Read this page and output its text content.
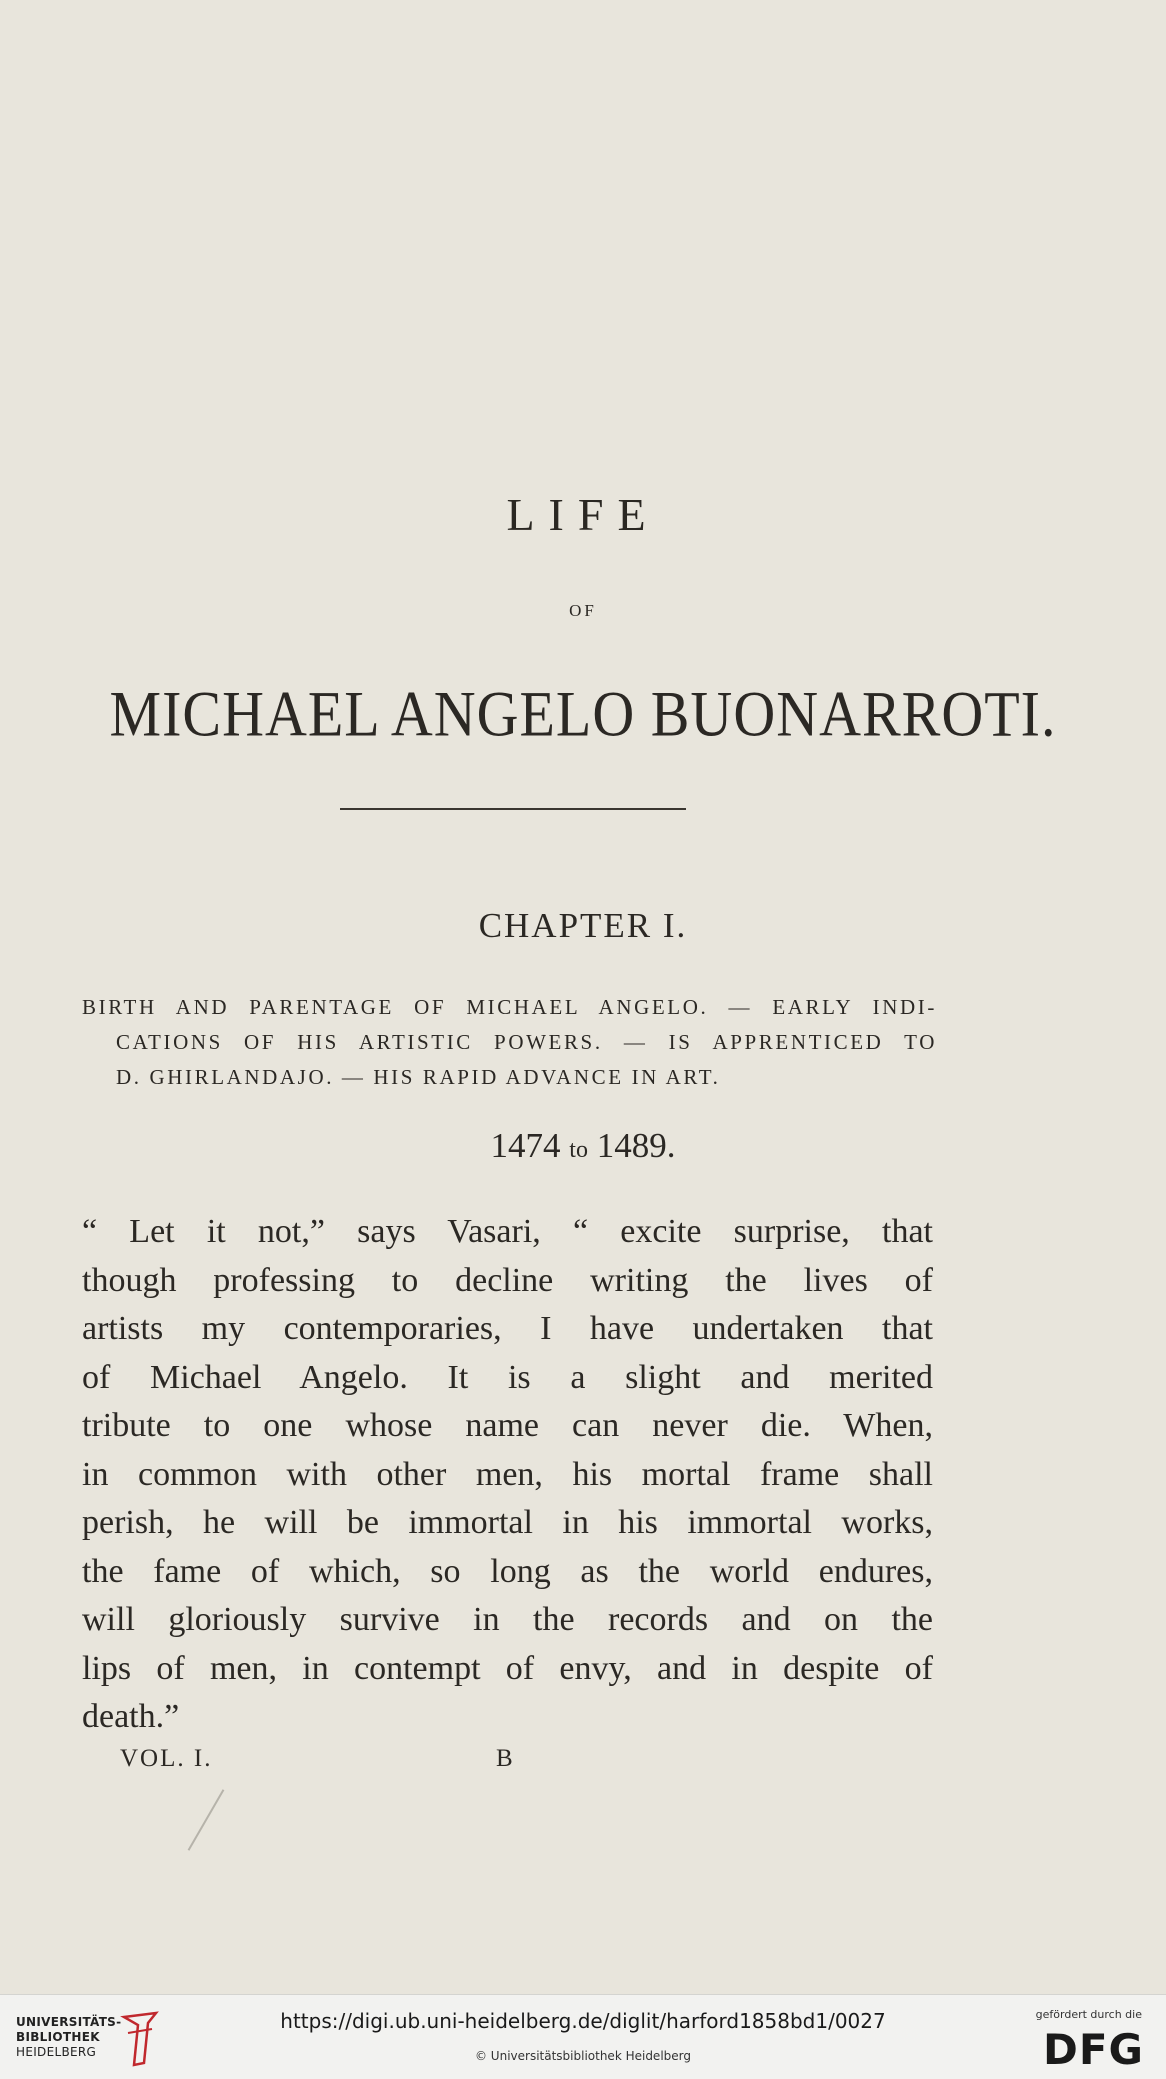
LIFE
OF
MICHAEL ANGELO BUONARROTI.
CHAPTER I.
BIRTH AND PARENTAGE OF MICHAEL ANGELO. — EARLY INDI-
CATIONS OF HIS ARTISTIC POWERS. — IS APPRENTICED TO
D. GHIRLANDAJO. — HIS RAPID ADVANCE IN ART.
1474 to 1489.
“ Let it not,” says Vasari, “ excite surprise, that
though professing to decline writing the lives of
artists my contemporaries, I have undertaken that
of Michael Angelo. It is a slight and merited
tribute to one whose name can never die. When,
in common with other men, his mortal frame shall
perish, he will be immortal in his immortal works,
the fame of which, so long as the world endures,
will gloriously survive in the records and on the
lips of men, in contempt of envy, and in despite of
death.”
VOL. I.	B
UNIVERSITÄTS-
BIBLIOTHEK
HEIDELBERG
https://digi.ub.uni-heidelberg.de/diglit/harford1858bd1/0027
© Universitätsbibliothek Heidelberg
gefördert durch die
DFG
